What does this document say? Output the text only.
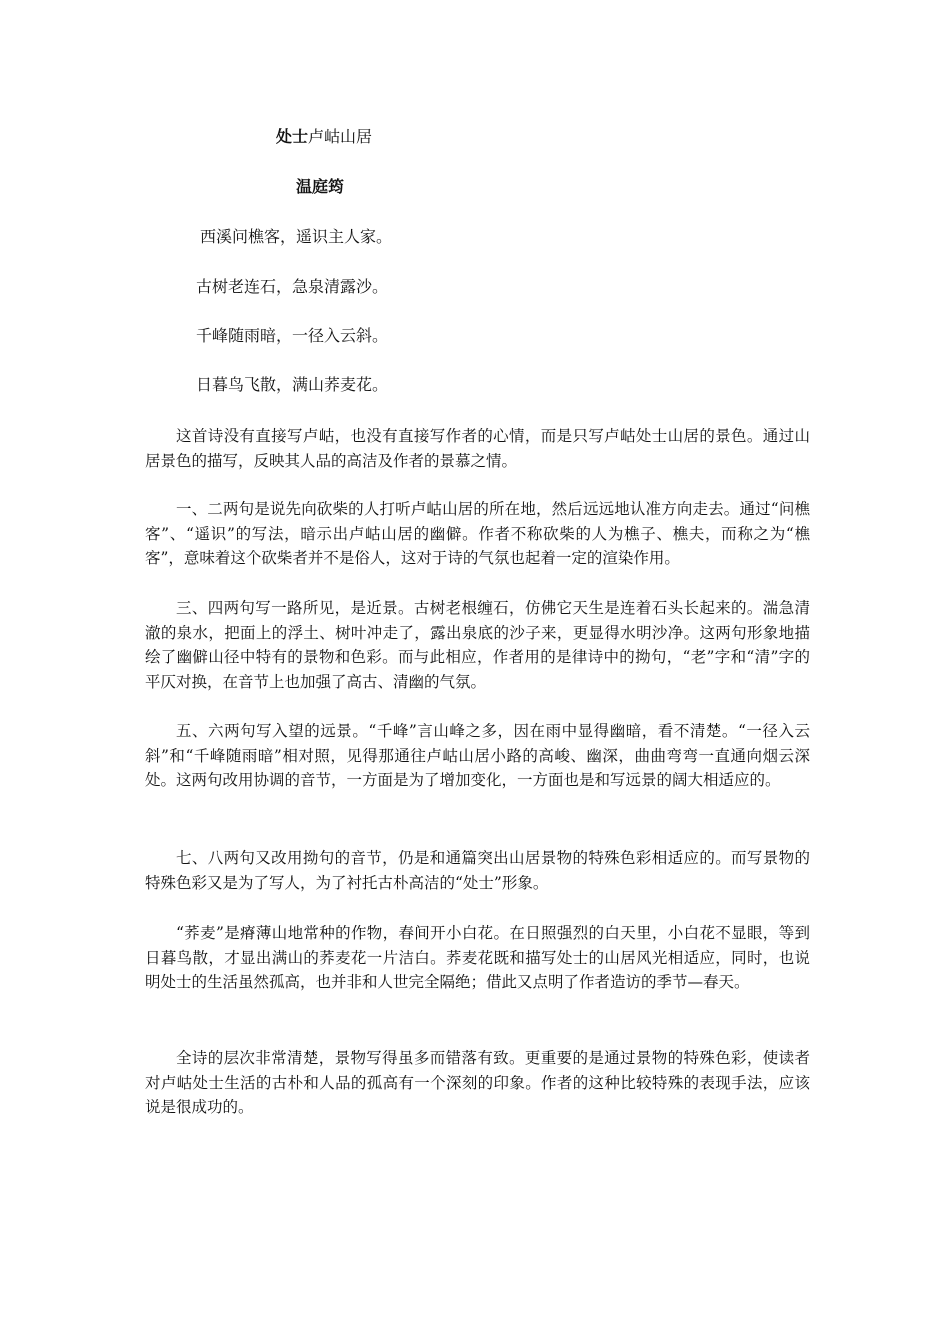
处士卢岵山居
温庭筠
西溪问樵客，遥识主人家。
古树老连石，急泉清露沙。
千峰随雨暗，一径入云斜。
日暮鸟飞散，满山荞麦花。

这首诗没有直接写卢岵，也没有直接写作者的心情，而是只写卢岵处士山居的景色。通过山居景色的描写，反映其人品的高洁及作者的景慕之情。

一、二两句是说先向砍柴的人打听卢岵山居的所在地，然后远远地认准方向走去。通过“问樵客”、“遥识”的写法，暗示出卢岵山居的幽僻。作者不称砍柴的人为樵子、樵夫，而称之为“樵客”，意味着这个砍柴者并不是俗人，这对于诗的气氛也起着一定的渲染作用。

三、四两句写一路所见，是近景。古树老根缠石，仿佛它天生是连着石头长起来的。湍急清澈的泉水，把面上的浮土、树叶冲走了，露出泉底的沙子来，更显得水明沙净。这两句形象地描绘了幽僻山径中特有的景物和色彩。而与此相应，作者用的是律诗中的拗句，“老”字和“清”字的平仄对换，在音节上也加强了高古、清幽的气氛。

五、六两句写入望的远景。“千峰”言山峰之多，因在雨中显得幽暗，看不清楚。“一径入云斜”和“千峰随雨暗”相对照，见得那通往卢岵山居小路的高峻、幽深，曲曲弯弯一直通向烟云深处。这两句改用协调的音节，一方面是为了增加变化，一方面也是和写远景的阔大相适应的。

七、八两句又改用拗句的音节，仍是和通篇突出山居景物的特殊色彩相适应的。而写景物的特殊色彩又是为了写人，为了衬托古朴高洁的“处士”形象。

“荞麦”是瘠薄山地常种的作物，春间开小白花。在日照强烈的白天里，小白花不显眼，等到日暮鸟散，才显出满山的荞麦花一片洁白。荞麦花既和描写处士的山居风光相适应，同时，也说明处士的生活虽然孤高，也并非和人世完全隔绝；借此又点明了作者造访的季节—春天。

全诗的层次非常清楚，景物写得虽多而错落有致。更重要的是通过景物的特殊色彩，使读者对卢岵处士生活的古朴和人品的孤高有一个深刻的印象。作者的这种比较特殊的表现手法，应该说是很成功的。
